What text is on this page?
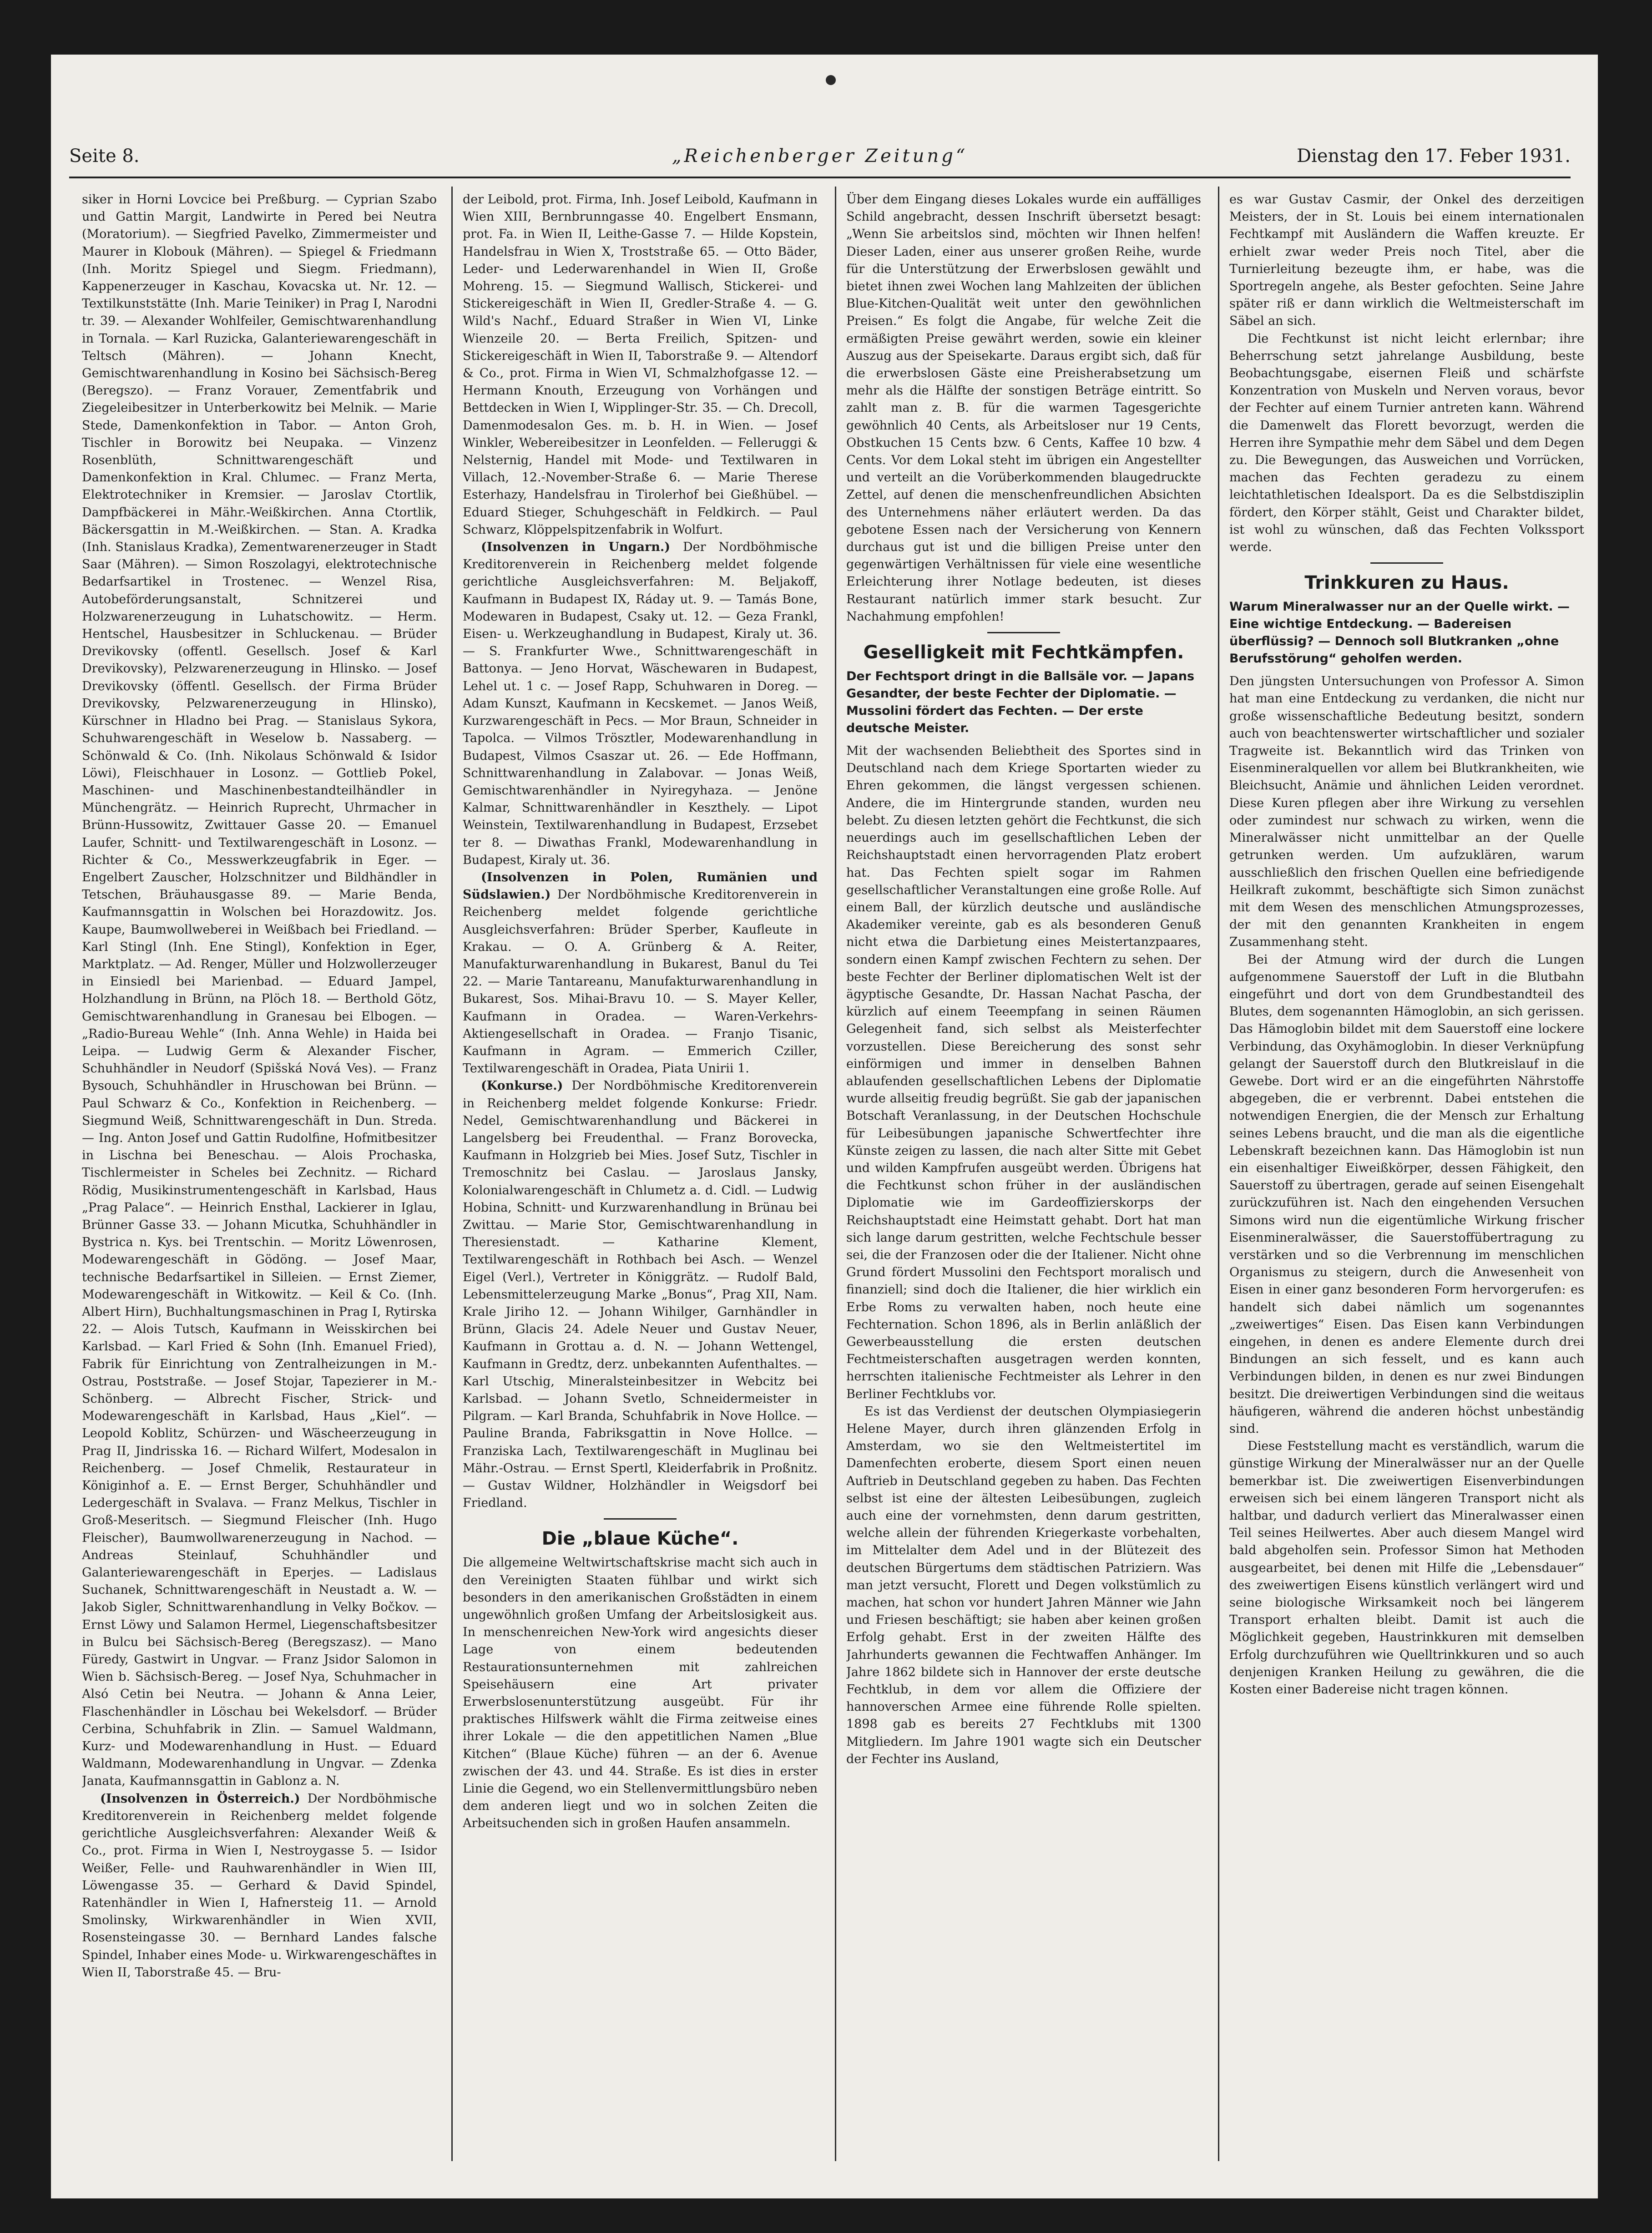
Seite 8.	„Reichenberger Zeitung“	Dienstag den 17. Feber 1931.

siker in Horni Lovcice bei Preßburg. — Cyprian Szabo und Gattin Margit, Landwirte in Pered bei Neutra (Moratorium). — Siegfried Pavelko, Zimmermeister und Maurer in Klobouk (Mähren). — Spiegel & Friedmann (Inh. Moritz Spiegel und Siegm. Friedmann), Kappenerzeuger in Kaschau, Kovacska ut. Nr. 12. — Textilkunststätte (Inh. Marie Teiniker) in Prag I, Narodni tr. 39. — Alexander Wohlfeiler, Gemischtwarenhandlung in Tornala. — Karl Ruzicka, Galanteriewarengeschäft in Teltsch (Mähren). — Johann Knecht, Gemischtwarenhandlung in Kosino bei Sächsisch-Bereg (Beregszo). — Franz Vorauer, Zementfabrik und Ziegeleibesitzer in Unterberkowitz bei Melnik. — Marie Stede, Damenkonfektion in Tabor. — Anton Groh, Tischler in Borowitz bei Neupaka. — Vinzenz Rosenblüth, Schnittwarengeschäft und Damenkonfektion in Kral. Chlumec. — Franz Merta, Elektrotechniker in Kremsier. — Jaroslav Ctortlik, Dampfbäckerei in Mähr.-Weißkirchen. Anna Ctortlik, Bäckersgattin in M.-Weißkirchen. — Stan. A. Kradka (Inh. Stanislaus Kradka), Zementwarenerzeuger in Stadt Saar (Mähren). — Simon Roszolagyi, elektrotechnische Bedarfsartikel in Trostenec. — Wenzel Risa, Autobeförderungsanstalt, Schnitzerei und Holzwarenerzeugung in Luhatschowitz. — Herm. Hentschel, Hausbesitzer in Schluckenau. — Brüder Drevikovsky (offentl. Gesellsch. Josef & Karl Drevikovsky), Pelzwarenerzeugung in Hlinsko. — Josef Drevikovsky (öffentl. Gesellsch. der Firma Brüder Drevikovsky, Pelzwarenerzeugung in Hlinsko), Kürschner in Hladno bei Prag. — Stanislaus Sykora, Schuhwarengeschäft in Weselow b. Nassaberg. — Schönwald & Co. (Inh. Nikolaus Schönwald & Isidor Löwi), Fleischhauer in Losonz. — Gottlieb Pokel, Maschinen- und Maschinenbestandteilhändler in Münchengrätz. — Heinrich Ruprecht, Uhrmacher in Brünn-Hussowitz, Zwittauer Gasse 20. — Emanuel Laufer, Schnitt- und Textilwarengeschäft in Losonz. — Richter & Co., Messwerkzeugfabrik in Eger. — Engelbert Zauscher, Holzschnitzer und Bildhändler in Tetschen, Bräuhausgasse 89. — Marie Benda, Kaufmannsgattin in Wolschen bei Horazdowitz. Jos. Kaupe, Baumwollweberei in Weißbach bei Friedland. — Karl Stingl (Inh. Ene Stingl), Konfektion in Eger, Marktplatz. — Ad. Renger, Müller und Holzwollerzeuger in Einsiedl bei Marienbad. — Eduard Jampel, Holzhandlung in Brünn, na Plöch 18. — Berthold Götz, Gemischtwarenhandlung in Granesau bei Elbogen. — „Radio-Bureau Wehle“ (Inh. Anna Wehle) in Haida bei Leipa. — Ludwig Germ & Alexander Fischer, Schuhhändler in Neudorf (Spišská Nová Ves). — Franz Bysouch, Schuhhändler in Hruschowan bei Brünn. — Paul Schwarz & Co., Konfektion in Reichenberg. — Siegmund Weiß, Schnittwarengeschäft in Dun. Streda. — Ing. Anton Josef und Gattin Rudolfine, Hofmitbesitzer in Lischna bei Beneschau. — Alois Prochaska, Tischlermeister in Scheles bei Zechnitz. — Richard Rödig, Musikinstrumentengeschäft in Karlsbad, Haus „Prag Palace“. — Heinrich Ensthal, Lackierer in Iglau, Brünner Gasse 33. — Johann Micutka, Schuhhändler in Bystrica n. Kys. bei Trentschin. — Moritz Löwenrosen, Modewarengeschäft in Gödöng. — Josef Maar, technische Bedarfsartikel in Silleien. — Ernst Ziemer, Modewarengeschäft in Witkowitz. — Keil & Co. (Inh. Albert Hirn), Buchhaltungsmaschinen in Prag I, Rytirska 22. — Alois Tutsch, Kaufmann in Weisskirchen bei Karlsbad. — Karl Fried & Sohn (Inh. Emanuel Fried), Fabrik für Einrichtung von Zentralheizungen in M.-Ostrau, Poststraße. — Josef Stojar, Tapezierer in M.-Schönberg. — Albrecht Fischer, Strick- und Modewarengeschäft in Karlsbad, Haus „Kiel“. — Leopold Koblitz, Schürzen- und Wäscheerzeugung in Prag II, Jindrisska 16. — Richard Wilfert, Modesalon in Reichenberg. — Josef Chmelik, Restaurateur in Königinhof a. E. — Ernst Berger, Schuhhändler und Ledergeschäft in Svalava. — Franz Melkus, Tischler in Groß-Meseritsch. — Siegmund Fleischer (Inh. Hugo Fleischer), Baumwollwarenerzeugung in Nachod. — Andreas Steinlauf, Schuhhändler und Galanteriewarengeschäft in Eperjes. — Ladislaus Suchanek, Schnittwarengeschäft in Neustadt a. W. — Jakob Sigler, Schnittwarenhandlung in Velky Bočkov. — Ernst Löwy und Salamon Hermel, Liegenschaftsbesitzer in Bulcu bei Sächsisch-Bereg (Beregszasz). — Mano Füredy, Gastwirt in Ungvar. — Franz Jsidor Salomon in Wien b. Sächsisch-Bereg. — Josef Nya, Schuhmacher in Alsó Cetin bei Neutra. — Johann & Anna Leier, Flaschenhändler in Löschau bei Wekelsdorf. — Brüder Cerbina, Schuhfabrik in Zlin. — Samuel Waldmann, Kurz- und Modewarenhandlung in Hust. — Eduard Waldmann, Modewarenhandlung in Ungvar. — Zdenka Janata, Kaufmannsgattin in Gablonz a. N.

(Insolvenzen in Österreich.) Der Nordböhmische Kreditorenverein in Reichenberg meldet folgende gerichtliche Ausgleichsverfahren: Alexander Weiß & Co., prot. Firma in Wien I, Nestroygasse 5. — Isidor Weißer, Felle- und Rauhwarenhändler in Wien III, Löwengasse 35. — Gerhard & David Spindel, Ratenhändler in Wien I, Hafnersteig 11. — Arnold Smolinsky, Wirkwarenhändler in Wien XVII, Rosensteingasse 30. — Bernhard Landes falsche Spindel, Inhaber eines Mode- u. Wirkwarengeschäftes in Wien II, Taborstraße 45. — Bru-

der Leibold, prot. Firma, Inh. Josef Leibold, Kaufmann in Wien XIII, Bernbrunngasse 40. Engelbert Ensmann, prot. Fa. in Wien II, Leithe-Gasse 7. — Hilde Kopstein, Handelsfrau in Wien X, Troststraße 65. — Otto Bäder, Leder- und Lederwarenhandel in Wien II, Große Mohreng. 15. — Siegmund Wallisch, Stickerei- und Stickereigeschäft in Wien II, Gredler-Straße 4. — G. Wild's Nachf., Eduard Straßer in Wien VI, Linke Wienzeile 20. — Berta Freilich, Spitzen- und Stickereigeschäft in Wien II, Taborstraße 9. — Altendorf & Co., prot. Firma in Wien VI, Schmalzhofgasse 12. — Hermann Knouth, Erzeugung von Vorhängen und Bettdecken in Wien I, Wipplinger-Str. 35. — Ch. Drecoll, Damenmodesalon Ges. m. b. H. in Wien. — Josef Winkler, Webereibesitzer in Leonfelden. — Felleruggi & Nelsternig, Handel mit Mode- und Textilwaren in Villach, 12.-November-Straße 6. — Marie Therese Esterhazy, Handelsfrau in Tirolerhof bei Gießhübel. — Eduard Stieger, Schuhgeschäft in Feldkirch. — Paul Schwarz, Klöppelspitzenfabrik in Wolfurt.

(Insolvenzen in Ungarn.) Der Nordböhmische Kreditorenverein in Reichenberg meldet folgende gerichtliche Ausgleichsverfahren: M. Beljakoff, Kaufmann in Budapest IX, Ráday ut. 9. — Tamás Bone, Modewaren in Budapest, Csaky ut. 12. — Geza Frankl, Eisen- u. Werkzeughandlung in Budapest, Kiraly ut. 36. — S. Frankfurter Wwe., Schnittwarengeschäft in Battonya. — Jeno Horvat, Wäschewaren in Budapest, Lehel ut. 1 c. — Josef Rapp, Schuhwaren in Doreg. — Adam Kunszt, Kaufmann in Kecskemet. — Janos Weiß, Kurzwarengeschäft in Pecs. — Mor Braun, Schneider in Tapolca. — Vilmos Trösztler, Modewarenhandlung in Budapest, Vilmos Csaszar ut. 26. — Ede Hoffmann, Schnittwarenhandlung in Zalabovar. — Jonas Weiß, Gemischtwarenhändler in Nyiregyhaza. — Jenöne Kalmar, Schnittwarenhändler in Keszthely. — Lipot Weinstein, Textilwarenhandlung in Budapest, Erzsebet ter 8. — Diwathas Frankl, Modewarenhandlung in Budapest, Kiraly ut. 36.

(Insolvenzen in Polen, Rumänien und Südslawien.) Der Nordböhmische Kreditorenverein in Reichenberg meldet folgende gerichtliche Ausgleichsverfahren: Brüder Sperber, Kaufleute in Krakau. — O. A. Grünberg & A. Reiter, Manufakturwarenhandlung in Bukarest, Banul du Tei 22. — Marie Tantareanu, Manufakturwarenhandlung in Bukarest, Sos. Mihai-Bravu 10. — S. Mayer Keller, Kaufmann in Oradea. — Waren-Verkehrs-Aktiengesellschaft in Oradea. — Franjo Tisanic, Kaufmann in Agram. — Emmerich Cziller, Textilwarengeschäft in Oradea, Piata Unirii 1.

(Konkurse.) Der Nordböhmische Kreditorenverein in Reichenberg meldet folgende Konkurse: Friedr. Nedel, Gemischtwarenhandlung und Bäckerei in Langelsberg bei Freudenthal. — Franz Borovecka, Kaufmann in Holzgrieb bei Mies. Josef Sutz, Tischler in Tremoschnitz bei Caslau. — Jaroslaus Jansky, Kolonialwarengeschäft in Chlumetz a. d. Cidl. — Ludwig Hobina, Schnitt- und Kurzwarenhandlung in Brünau bei Zwittau. — Marie Stor, Gemischtwarenhandlung in Theresienstadt. — Katharine Klement, Textilwarengeschäft in Rothbach bei Asch. — Wenzel Eigel (Verl.), Vertreter in Königgrätz. — Rudolf Bald, Lebensmittelerzeugung Marke „Bonus“, Prag XII, Nam. Krale Jiriho 12. — Johann Wihilger, Garnhändler in Brünn, Glacis 24. Adele Neuer und Gustav Neuer, Kaufmann in Grottau a. d. N. — Johann Wettengel, Kaufmann in Gredtz, derz. unbekannten Aufenthaltes. — Karl Utschig, Mineralsteinbesitzer in Webcitz bei Karlsbad. — Johann Svetlo, Schneidermeister in Pilgram. — Karl Branda, Schuhfabrik in Nove Hollce. — Pauline Branda, Fabriksgattin in Nove Hollce. — Franziska Lach, Textilwarengeschäft in Muglinau bei Mähr.-Ostrau. — Ernst Spertl, Kleiderfabrik in Proßnitz. — Gustav Wildner, Holzhändler in Weigsdorf bei Friedland.

Die „blaue Küche“.

Die allgemeine Weltwirtschaftskrise macht sich auch in den Vereinigten Staaten fühlbar und wirkt sich besonders in den amerikanischen Großstädten in einem ungewöhnlich großen Umfang der Arbeitslosigkeit aus. In menschenreichen New-York wird angesichts dieser Lage von einem bedeutenden Restaurationsunternehmen mit zahlreichen Speisehäusern eine Art privater Erwerbslosenunterstützung ausgeübt. Für ihr praktisches Hilfswerk wählt die Firma zeitweise eines ihrer Lokale — die den appetitlichen Namen „Blue Kitchen“ (Blaue Küche) führen — an der 6. Avenue zwischen der 43. und 44. Straße. Es ist dies in erster Linie die Gegend, wo ein Stellenvermittlungsbüro neben dem anderen liegt und wo in solchen Zeiten die Arbeitsuchenden sich in großen Haufen ansammeln.

Über dem Eingang dieses Lokales wurde ein auffälliges Schild angebracht, dessen Inschrift übersetzt besagt: „Wenn Sie arbeitslos sind, möchten wir Ihnen helfen! Dieser Laden, einer aus unserer großen Reihe, wurde für die Unterstützung der Erwerbslosen gewählt und bietet ihnen zwei Wochen lang Mahlzeiten der üblichen Blue-Kitchen-Qualität weit unter den gewöhnlichen Preisen.“ Es folgt die Angabe, für welche Zeit die ermäßigten Preise gewährt werden, sowie ein kleiner Auszug aus der Speisekarte. Daraus ergibt sich, daß für die erwerbslosen Gäste eine Preisherabsetzung um mehr als die Hälfte der sonstigen Beträge eintritt. So zahlt man z. B. für die warmen Tagesgerichte gewöhnlich 40 Cents, als Arbeitsloser nur 19 Cents, Obstkuchen 15 Cents bzw. 6 Cents, Kaffee 10 bzw. 4 Cents. Vor dem Lokal steht im übrigen ein Angestellter und verteilt an die Vorüberkommenden blaugedruckte Zettel, auf denen die menschenfreundlichen Absichten des Unternehmens näher erläutert werden. Da das gebotene Essen nach der Versicherung von Kennern durchaus gut ist und die billigen Preise unter den gegenwärtigen Verhältnissen für viele eine wesentliche Erleichterung ihrer Notlage bedeuten, ist dieses Restaurant natürlich immer stark besucht. Zur Nachahmung empfohlen!

Geselligkeit mit Fechtkämpfen.
Der Fechtsport dringt in die Ballsäle vor. — Japans Gesandter, der beste Fechter der Diplomatie. — Mussolini fördert das Fechten. — Der erste deutsche Meister.

Mit der wachsenden Beliebtheit des Sportes sind in Deutschland nach dem Kriege Sportarten wieder zu Ehren gekommen, die längst vergessen schienen. Andere, die im Hintergrunde standen, wurden neu belebt. Zu diesen letzten gehört die Fechtkunst, die sich neuerdings auch im gesellschaftlichen Leben der Reichshauptstadt einen hervorragenden Platz erobert hat. Das Fechten spielt sogar im Rahmen gesellschaftlicher Veranstaltungen eine große Rolle. Auf einem Ball, der kürzlich deutsche und ausländische Akademiker vereinte, gab es als besonderen Genuß nicht etwa die Darbietung eines Meistertanzpaares, sondern einen Kampf zwischen Fechtern zu sehen. Der beste Fechter der Berliner diplomatischen Welt ist der ägyptische Gesandte, Dr. Hassan Nachat Pascha, der kürzlich auf einem Teeempfang in seinen Räumen Gelegenheit fand, sich selbst als Meisterfechter vorzustellen. Diese Bereicherung des sonst sehr einförmigen und immer in denselben Bahnen ablaufenden gesellschaftlichen Lebens der Diplomatie wurde allseitig freudig begrüßt. Sie gab der japanischen Botschaft Veranlassung, in der Deutschen Hochschule für Leibesübungen japanische Schwertfechter ihre Künste zeigen zu lassen, die nach alter Sitte mit Gebet und wilden Kampfrufen ausgeübt werden. Übrigens hat die Fechtkunst schon früher in der ausländischen Diplomatie wie im Gardeoffizierskorps der Reichshauptstadt eine Heimstatt gehabt. Dort hat man sich lange darum gestritten, welche Fechtschule besser sei, die der Franzosen oder die der Italiener. Nicht ohne Grund fördert Mussolini den Fechtsport moralisch und finanziell; sind doch die Italiener, die hier wirklich ein Erbe Roms zu verwalten haben, noch heute eine Fechternation. Schon 1896, als in Berlin anläßlich der Gewerbeausstellung die ersten deutschen Fechtmeisterschaften ausgetragen werden konnten, herrschten italienische Fechtmeister als Lehrer in den Berliner Fechtklubs vor.

Es ist das Verdienst der deutschen Olympiasiegerin Helene Mayer, durch ihren glänzenden Erfolg in Amsterdam, wo sie den Weltmeistertitel im Damenfechten eroberte, diesem Sport einen neuen Auftrieb in Deutschland gegeben zu haben. Das Fechten selbst ist eine der ältesten Leibesübungen, zugleich auch eine der vornehmsten, denn darum gestritten, welche allein der führenden Kriegerkaste vorbehalten, im Mittelalter dem Adel und in der Blütezeit des deutschen Bürgertums dem städtischen Patriziern. Was man jetzt versucht, Florett und Degen volkstümlich zu machen, hat schon vor hundert Jahren Männer wie Jahn und Friesen beschäftigt; sie haben aber keinen großen Erfolg gehabt. Erst in der zweiten Hälfte des Jahrhunderts gewannen die Fechtwaffen Anhänger. Im Jahre 1862 bildete sich in Hannover der erste deutsche Fechtklub, in dem vor allem die Offiziere der hannoverschen Armee eine führende Rolle spielten. 1898 gab es bereits 27 Fechtklubs mit 1300 Mitgliedern. Im Jahre 1901 wagte sich ein Deutscher der Fechter ins Ausland,

es war Gustav Casmir, der Onkel des derzeitigen Meisters, der in St. Louis bei einem internationalen Fechtkampf mit Ausländern die Waffen kreuzte. Er erhielt zwar weder Preis noch Titel, aber die Turnierleitung bezeugte ihm, er habe, was die Sportregeln angehe, als Bester gefochten. Seine Jahre später riß er dann wirklich die Weltmeisterschaft im Säbel an sich.

Die Fechtkunst ist nicht leicht erlernbar; ihre Beherrschung setzt jahrelange Ausbildung, beste Beobachtungsgabe, eisernen Fleiß und schärfste Konzentration von Muskeln und Nerven voraus, bevor der Fechter auf einem Turnier antreten kann. Während die Damenwelt das Florett bevorzugt, werden die Herren ihre Sympathie mehr dem Säbel und dem Degen zu. Die Bewegungen, das Ausweichen und Vorrücken, machen das Fechten geradezu zu einem leichtathletischen Idealsport. Da es die Selbstdisziplin fördert, den Körper stählt, Geist und Charakter bildet, ist wohl zu wünschen, daß das Fechten Volkssport werde.

Trinkkuren zu Haus.
Warum Mineralwasser nur an der Quelle wirkt. — Eine wichtige Entdeckung. — Badereisen überflüssig? — Dennoch soll Blutkranken „ohne Berufsstörung“ geholfen werden.

Den jüngsten Untersuchungen von Professor A. Simon hat man eine Entdeckung zu verdanken, die nicht nur große wissenschaftliche Bedeutung besitzt, sondern auch von beachtenswerter wirtschaftlicher und sozialer Tragweite ist. Bekanntlich wird das Trinken von Eisenmineralquellen vor allem bei Blutkrankheiten, wie Bleichsucht, Anämie und ähnlichen Leiden verordnet. Diese Kuren pflegen aber ihre Wirkung zu versehlen oder zumindest nur schwach zu wirken, wenn die Mineralwässer nicht unmittelbar an der Quelle getrunken werden. Um aufzuklären, warum ausschließlich den frischen Quellen eine befriedigende Heilkraft zukommt, beschäftigte sich Simon zunächst mit dem Wesen des menschlichen Atmungsprozesses, der mit den genannten Krankheiten in engem Zusammenhang steht.

Bei der Atmung wird der durch die Lungen aufgenommene Sauerstoff der Luft in die Blutbahn eingeführt und dort von dem Grundbestandteil des Blutes, dem sogenannten Hämoglobin, an sich gerissen. Das Hämoglobin bildet mit dem Sauerstoff eine lockere Verbindung, das Oxyhämoglobin. In dieser Verknüpfung gelangt der Sauerstoff durch den Blutkreislauf in die Gewebe. Dort wird er an die eingeführten Nährstoffe abgegeben, die er verbrennt. Dabei entstehen die notwendigen Energien, die der Mensch zur Erhaltung seines Lebens braucht, und die man als die eigentliche Lebenskraft bezeichnen kann. Das Hämoglobin ist nun ein eisenhaltiger Eiweißkörper, dessen Fähigkeit, den Sauerstoff zu übertragen, gerade auf seinen Eisengehalt zurückzuführen ist. Nach den eingehenden Versuchen Simons wird nun die eigentümliche Wirkung frischer Eisenmineralwässer, die Sauerstoffübertragung zu verstärken und so die Verbrennung im menschlichen Organismus zu steigern, durch die Anwesenheit von Eisen in einer ganz besonderen Form hervorgerufen: es handelt sich dabei nämlich um sogenanntes „zweiwertiges“ Eisen. Das Eisen kann Verbindungen eingehen, in denen es andere Elemente durch drei Bindungen an sich fesselt, und es kann auch Verbindungen bilden, in denen es nur zwei Bindungen besitzt. Die dreiwertigen Verbindungen sind die weitaus häufigeren, während die anderen höchst unbeständig sind.

Diese Feststellung macht es verständlich, warum die günstige Wirkung der Mineralwässer nur an der Quelle bemerkbar ist. Die zweiwertigen Eisenverbindungen erweisen sich bei einem längeren Transport nicht als haltbar, und dadurch verliert das Mineralwasser einen Teil seines Heilwertes. Aber auch diesem Mangel wird bald abgeholfen sein. Professor Simon hat Methoden ausgearbeitet, bei denen mit Hilfe die „Lebensdauer“ des zweiwertigen Eisens künstlich verlängert wird und seine biologische Wirksamkeit noch bei längerem Transport erhalten bleibt. Damit ist auch die Möglichkeit gegeben, Haustrinkkuren mit demselben Erfolg durchzuführen wie Quelltrinkkuren und so auch denjenigen Kranken Heilung zu gewähren, die die Kosten einer Badereise nicht tragen können.
